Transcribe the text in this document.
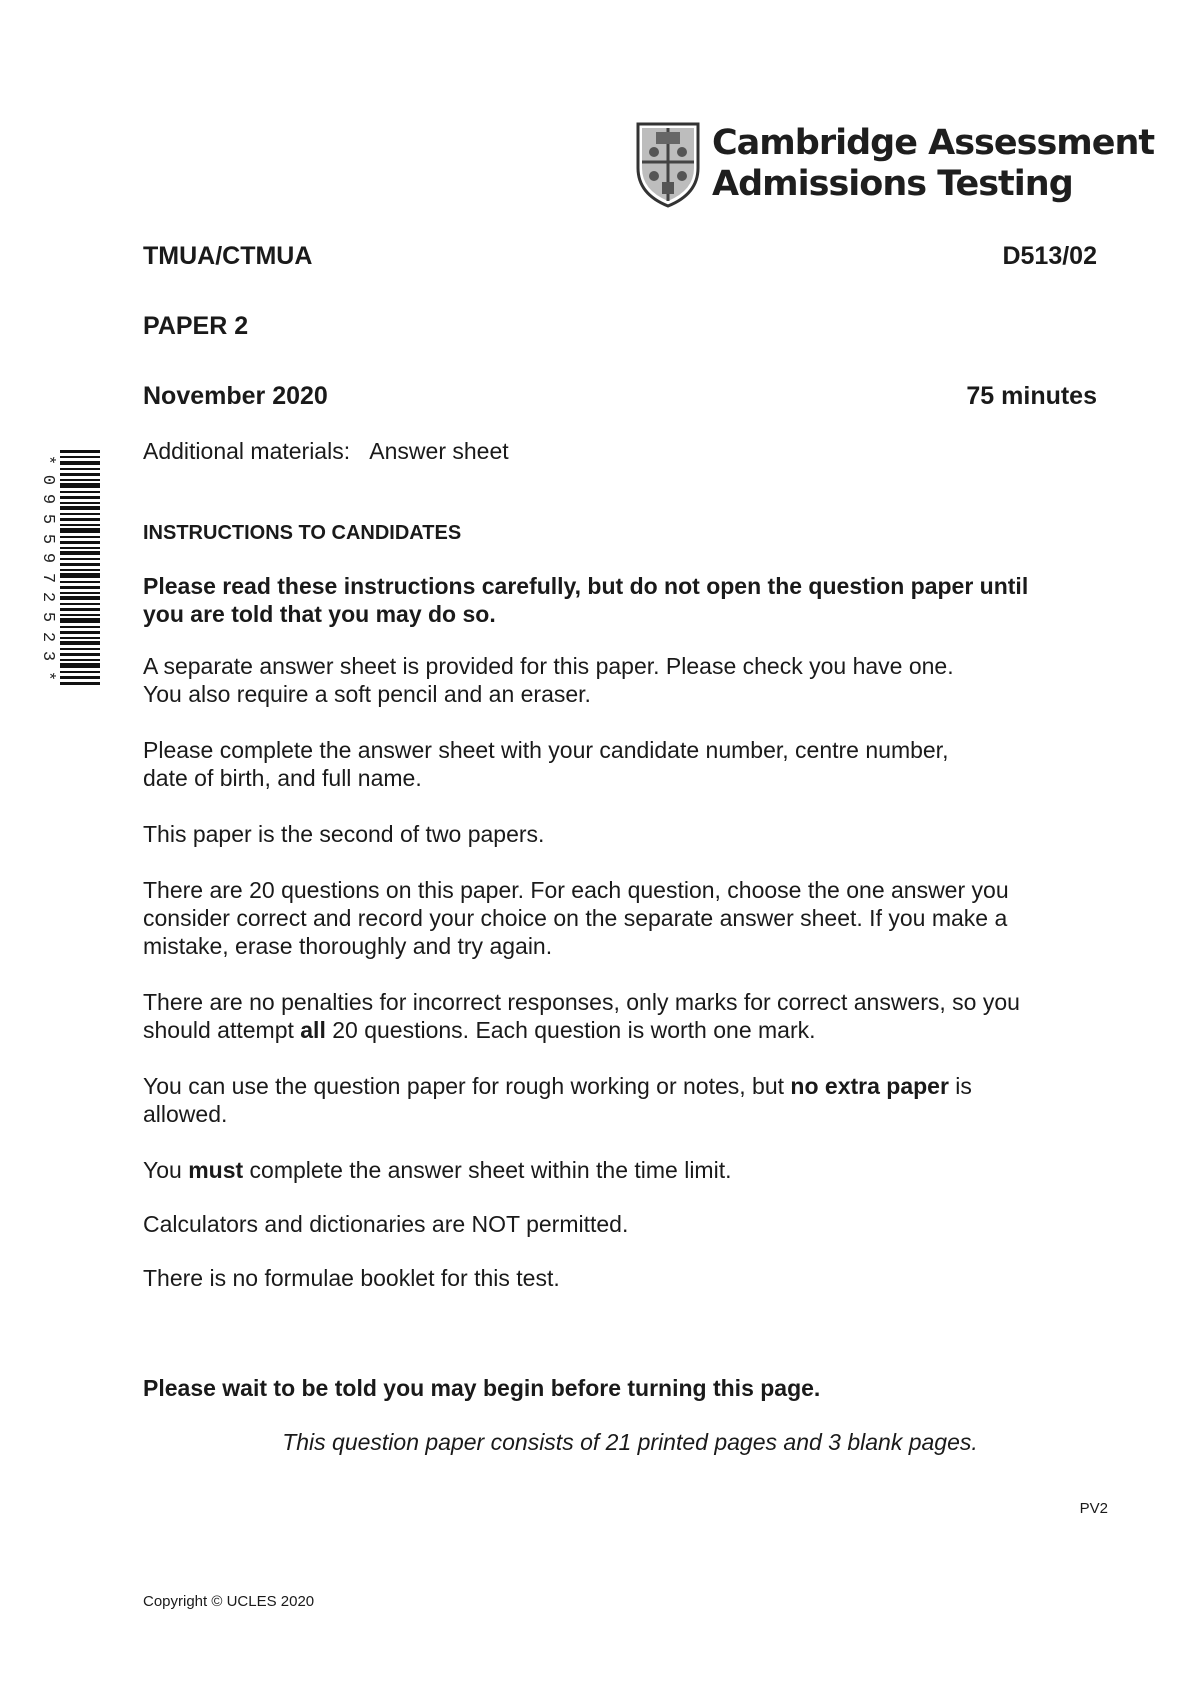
Cambridge Assessment
Admissions Testing
*
0
9
5
5
9
7
2
5
2
3
*
TMUA/CTMUA	D513/02
PAPER 2
November 2020	75 minutes
Additional materials: Answer sheet
INSTRUCTIONS TO CANDIDATES
Please read these instructions carefully, but do not open the question paper until
you are told that you may do so.
A separate answer sheet is provided for this paper. Please check you have one.
You also require a soft pencil and an eraser.
Please complete the answer sheet with your candidate number, centre number,
date of birth, and full name.
This paper is the second of two papers.
There are 20 questions on this paper. For each question, choose the one answer you
consider correct and record your choice on the separate answer sheet. If you make a
mistake, erase thoroughly and try again.
There are no penalties for incorrect responses, only marks for correct answers, so you
should attempt all 20 questions. Each question is worth one mark.
You can use the question paper for rough working or notes, but no extra paper is
allowed.
You must complete the answer sheet within the time limit.
Calculators and dictionaries are NOT permitted.
There is no formulae booklet for this test.
Please wait to be told you may begin before turning this page.
This question paper consists of 21 printed pages and 3 blank pages.
PV2
Copyright © UCLES 2020
